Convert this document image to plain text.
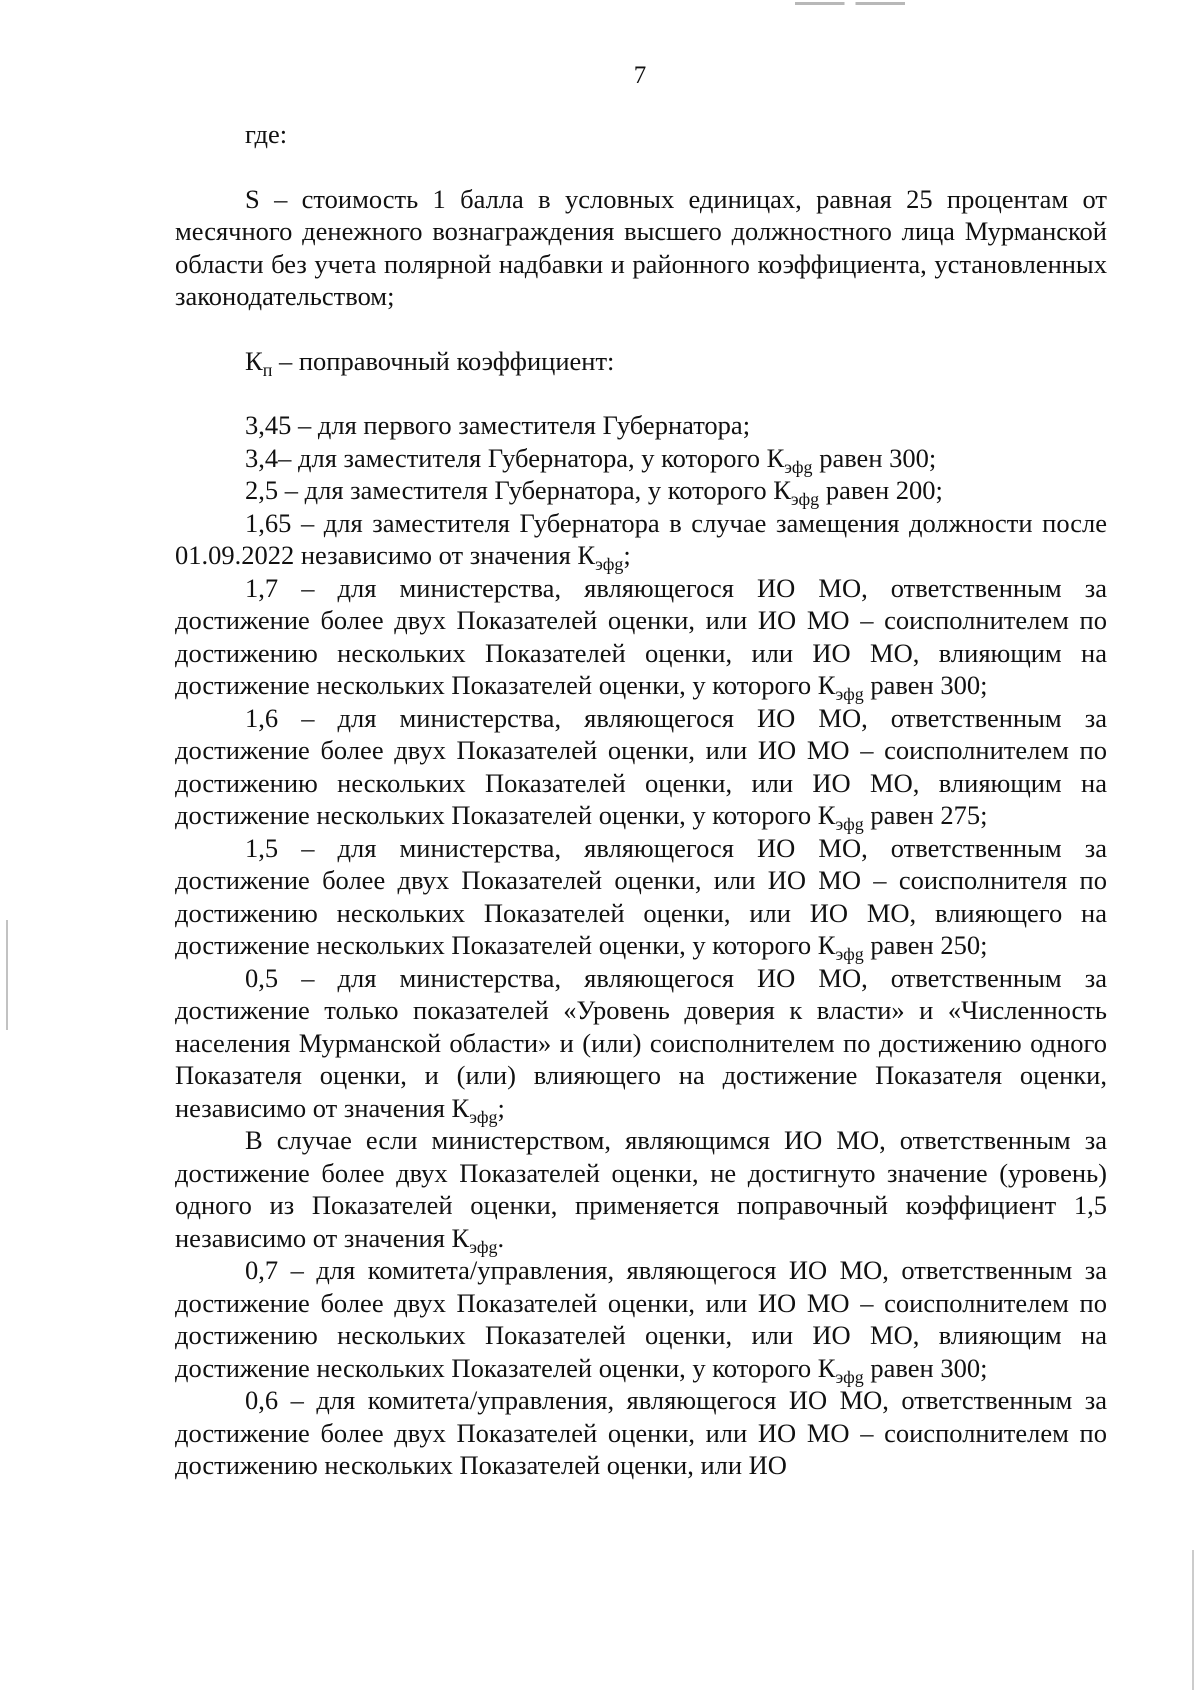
7

где:

S – стоимость 1 балла в условных единицах, равная 25 процентам от месячного денежного вознаграждения высшего должностного лица Мурманской области без учета полярной надбавки и районного коэффициента, установленных законодательством;

$К_п$ – поправочный коэффициент:

3,45 – для первого заместителя Губернатора;

3,4– для заместителя Губернатора, у которого $К_{эфg}$ равен 300;

2,5 – для заместителя Губернатора, у которого $К_{эфg}$ равен 200;

1,65 – для заместителя Губернатора в случае замещения должности после 01.09.2022 независимо от значения $К_{эфg}$;

1,7 – для министерства, являющегося ИО МО, ответственным за достижение более двух Показателей оценки, или ИО МО – соисполнителем по достижению нескольких Показателей оценки, или ИО МО, влияющим на достижение нескольких Показателей оценки, у которого $К_{эфg}$ равен 300;

1,6 – для министерства, являющегося ИО МО, ответственным за достижение более двух Показателей оценки, или ИО МО – соисполнителем по достижению нескольких Показателей оценки, или ИО МО, влияющим на достижение нескольких Показателей оценки, у которого $К_{эфg}$ равен 275;

1,5 – для министерства, являющегося ИО МО, ответственным за достижение более двух Показателей оценки, или ИО МО – соисполнителя по достижению нескольких Показателей оценки, или ИО МО, влияющего на достижение нескольких Показателей оценки, у которого $К_{эфg}$ равен 250;

0,5 – для министерства, являющегося ИО МО, ответственным за достижение только показателей «Уровень доверия к власти» и «Численность населения Мурманской области» и (или) соисполнителем по достижению одного Показателя оценки, и (или) влияющего на достижение Показателя оценки, независимо от значения $К_{эфg}$;

В случае если министерством, являющимся ИО МО, ответственным за достижение более двух Показателей оценки, не достигнуто значение (уровень) одного из Показателей оценки, применяется поправочный коэффициент 1,5 независимо от значения $К_{эфg}$.

0,7 – для комитета/управления, являющегося ИО МО, ответственным за достижение более двух Показателей оценки, или ИО МО – соисполнителем по достижению нескольких Показателей оценки, или ИО МО, влияющим на достижение нескольких Показателей оценки, у которого $К_{эфg}$ равен 300;

0,6 – для комитета/управления, являющегося ИО МО, ответственным за достижение более двух Показателей оценки, или ИО МО – соисполнителем по достижению нескольких Показателей оценки, или ИО
